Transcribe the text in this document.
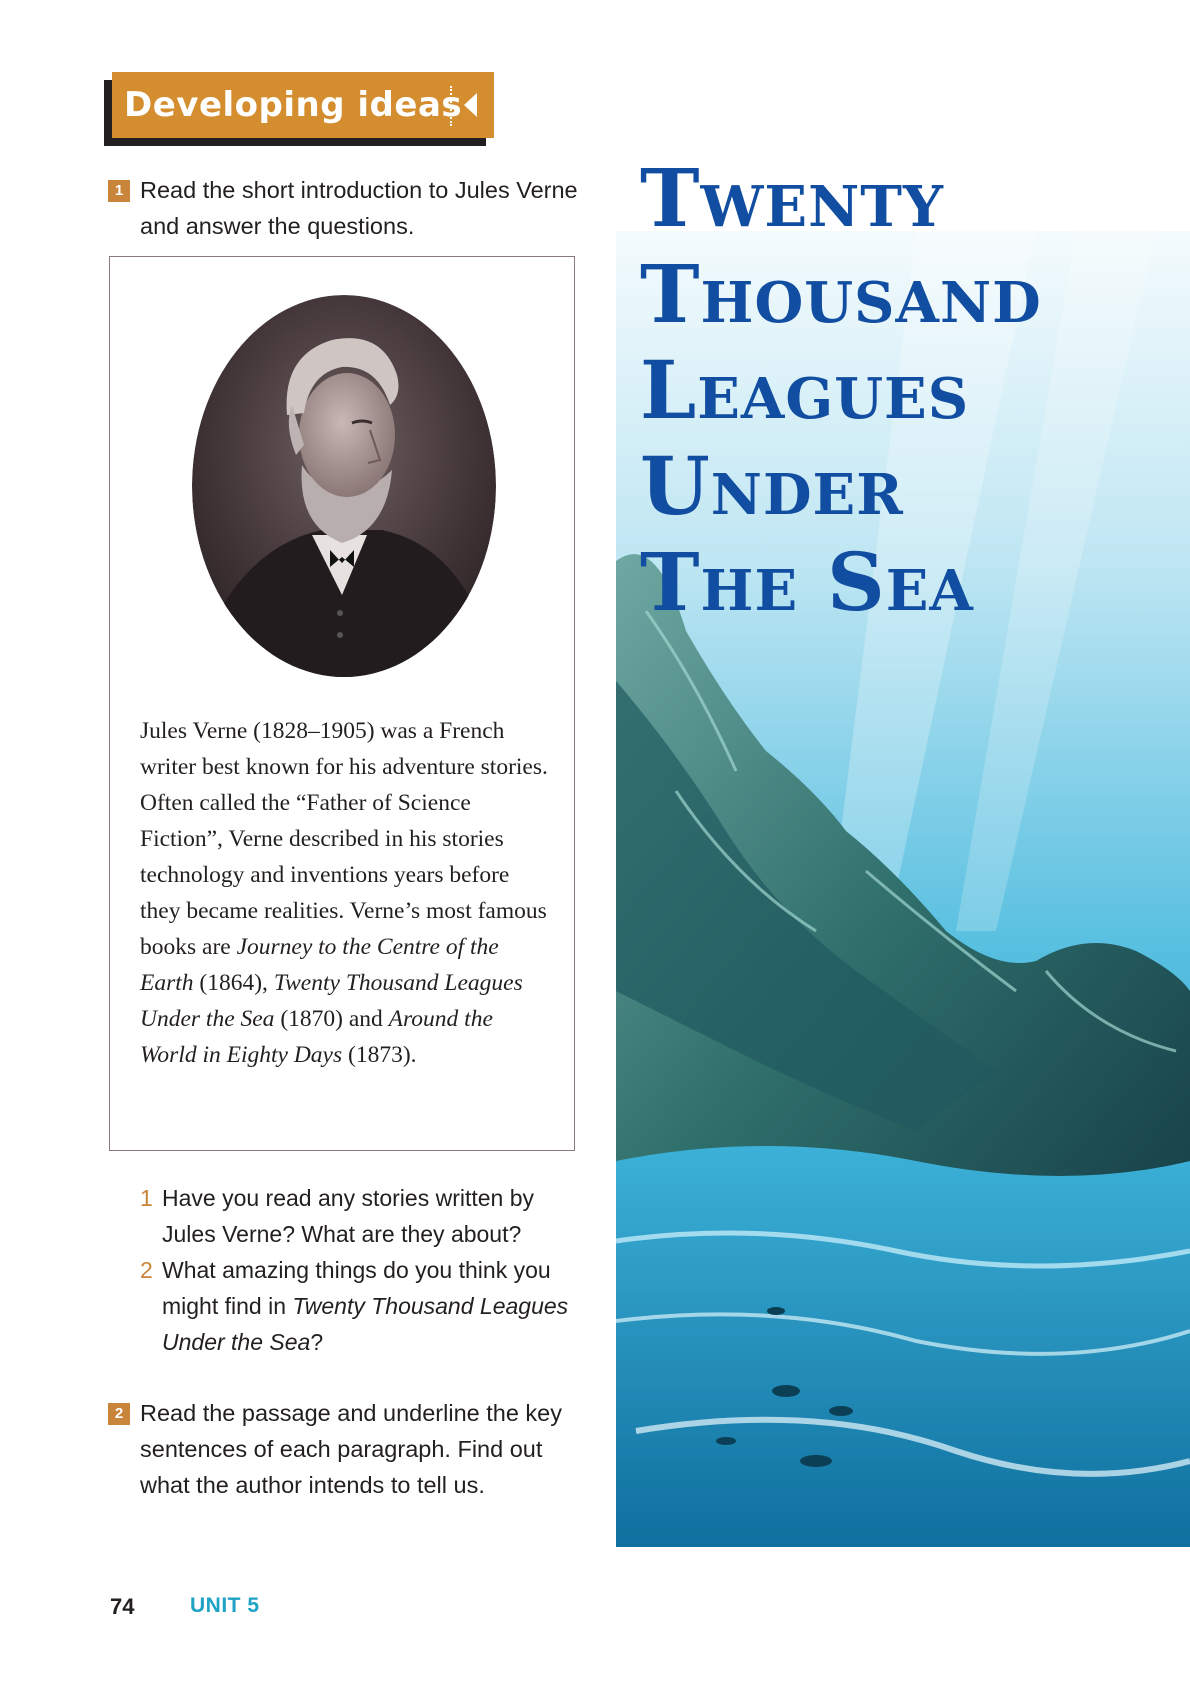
Developing ideas
1 Read the short introduction to Jules Verne and answer the questions.

Jules Verne (1828–1905) was a French writer best known for his adventure stories. Often called the “Father of Science Fiction”, Verne described in his stories technology and inventions years before they became realities. Verne’s most famous books are Journey to the Centre of the Earth (1864), Twenty Thousand Leagues Under the Sea (1870) and Around the World in Eighty Days (1873).

1 Have you read any stories written by Jules Verne? What are they about?
2 What amazing things do you think you might find in Twenty Thousand Leagues Under the Sea?
2 Read the passage and underline the key sentences of each paragraph. Find out what the author intends to tell us.
Twenty
Thousand
Leagues
Under
The Sea
74	UNIT 5
